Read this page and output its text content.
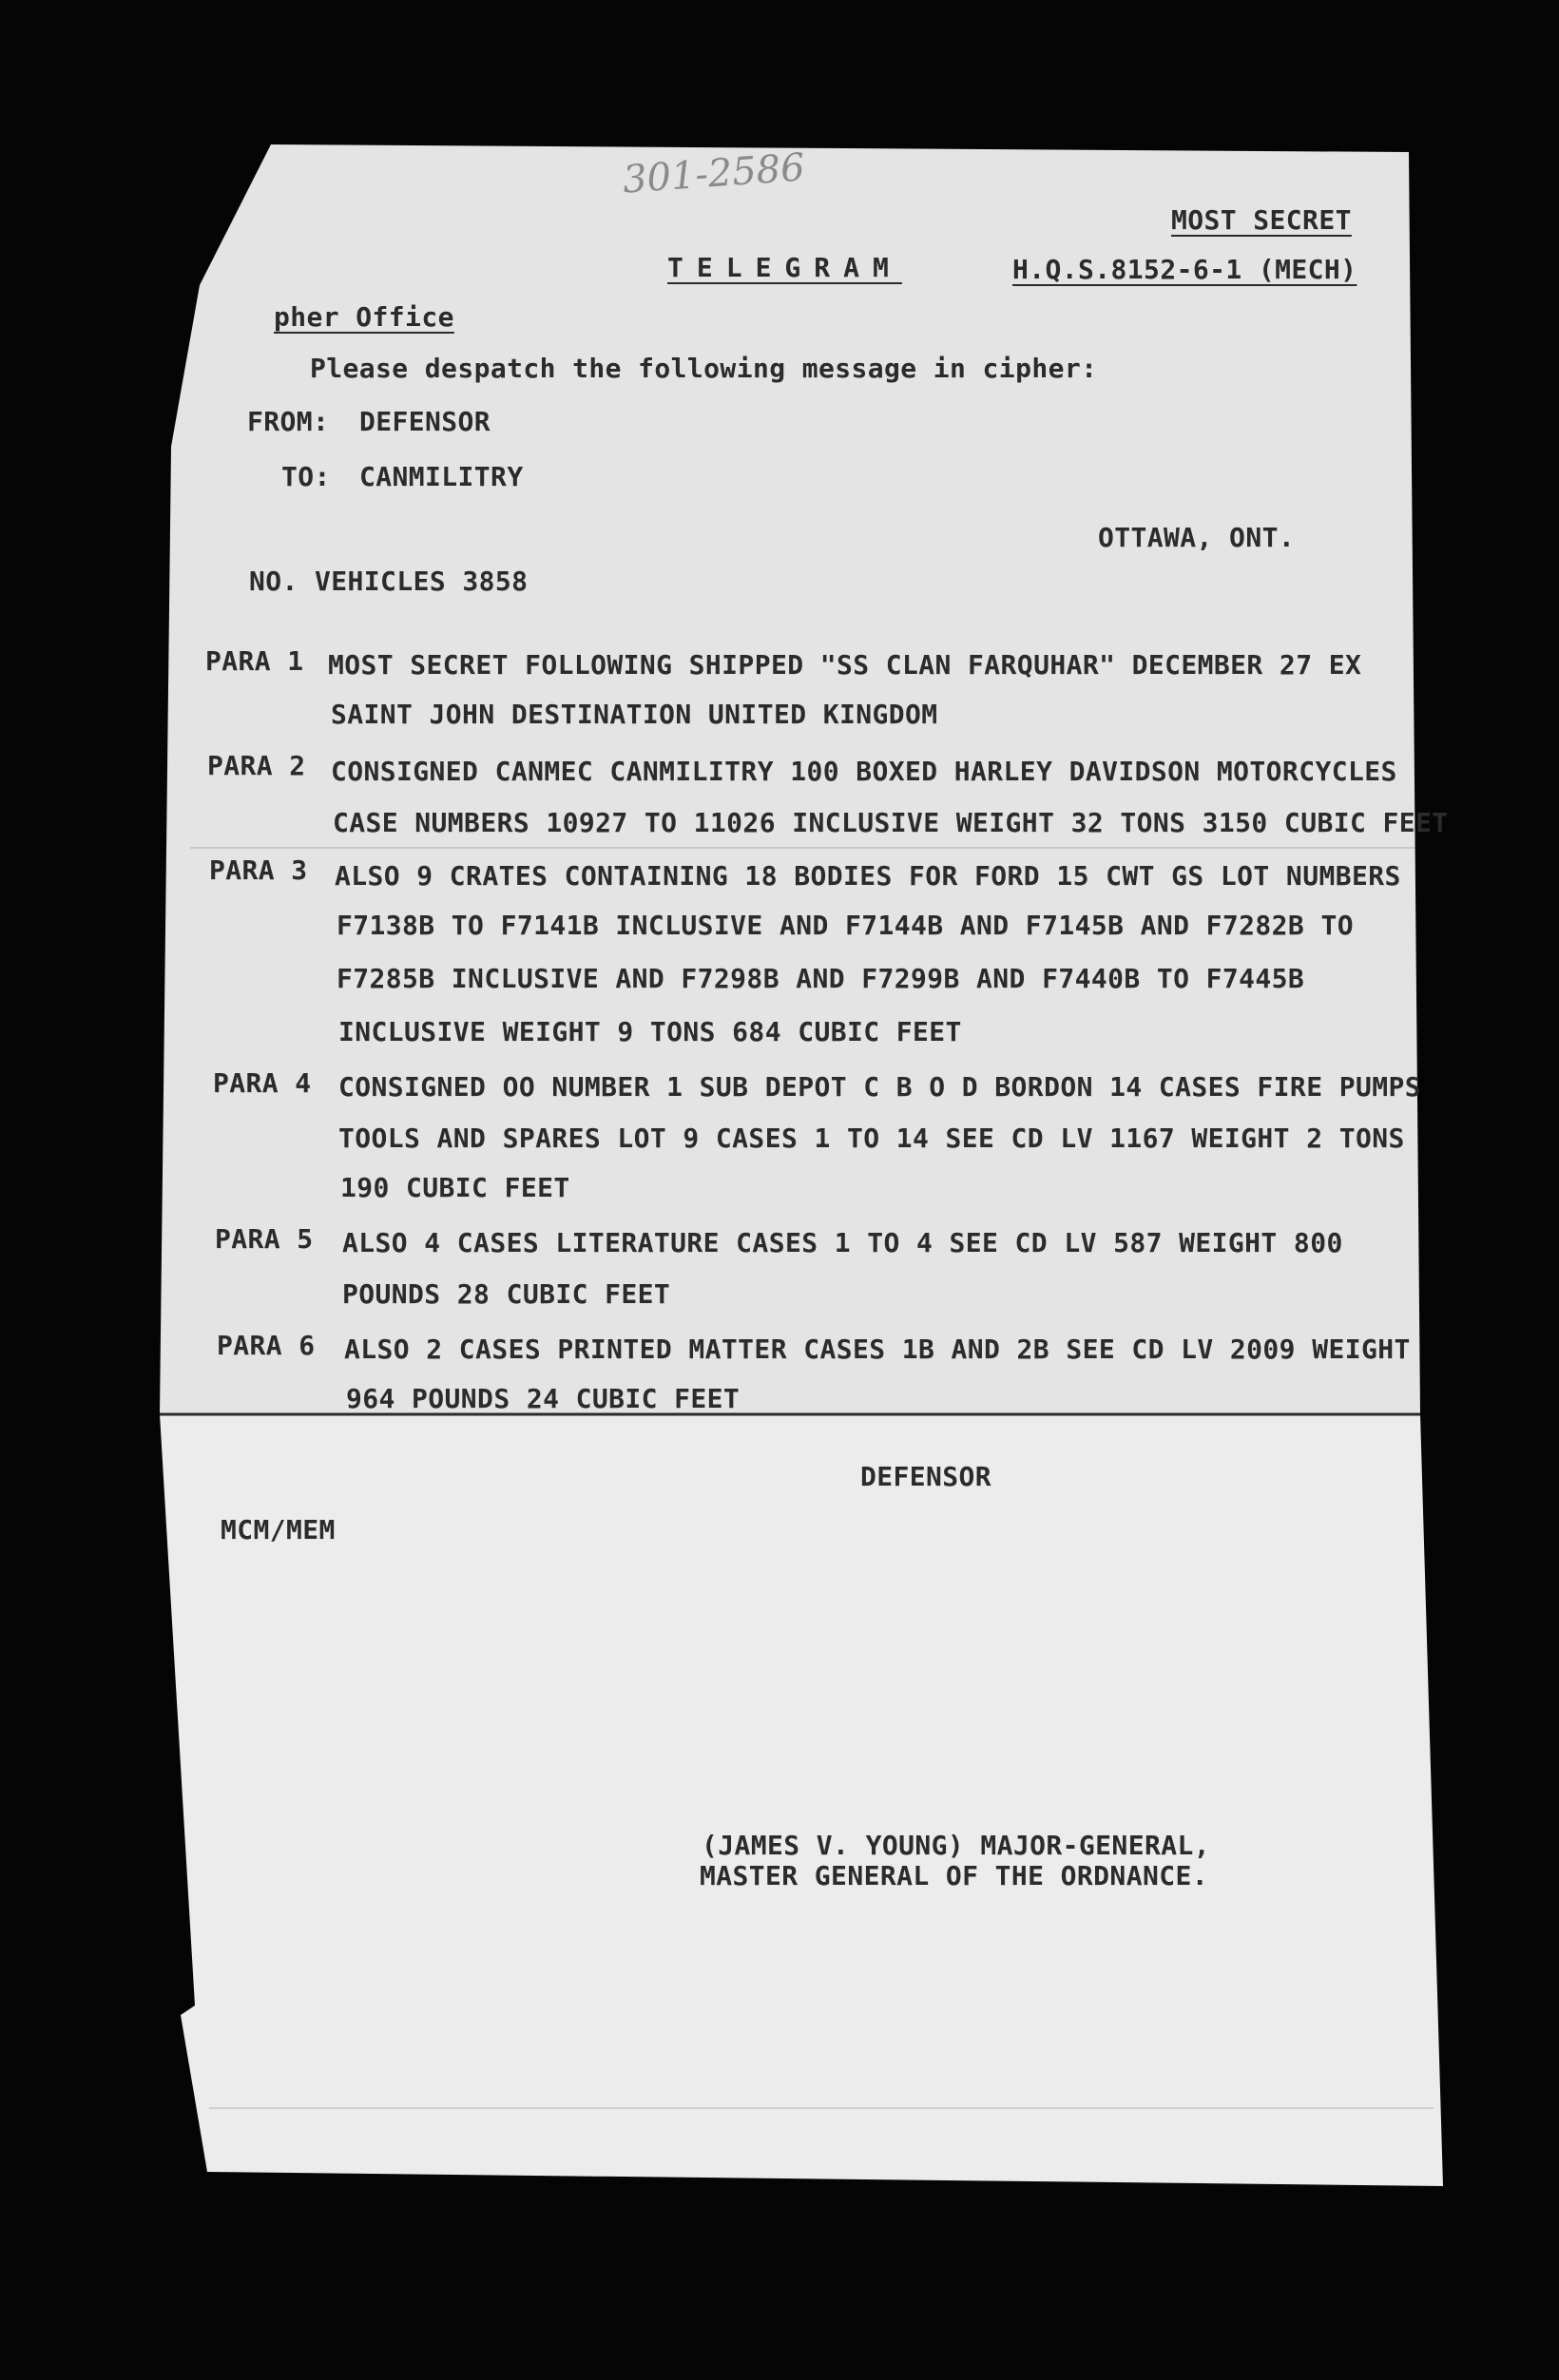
301-2586

MOST SECRET

TELEGRAM	H.Q.S.8152-6-1 (MECH)

pher Office

Please despatch the following message in cipher:

FROM: DEFENSOR

TO: CANMILITRY

OTTAWA, ONT.

NO. VEHICLES 3858

PARA 1 MOST SECRET FOLLOWING SHIPPED "SS CLAN FARQUHAR" DECEMBER 27 EX

SAINT JOHN DESTINATION UNITED KINGDOM

PARA 2 CONSIGNED CANMEC CANMILITRY 100 BOXED HARLEY DAVIDSON MOTORCYCLES

CASE NUMBERS 10927 TO 11026 INCLUSIVE WEIGHT 32 TONS 3150 CUBIC FEET

PARA 3 ALSO 9 CRATES CONTAINING 18 BODIES FOR FORD 15 CWT GS LOT NUMBERS

F7138B TO F7141B INCLUSIVE AND F7144B AND F7145B AND F7282B TO

F7285B INCLUSIVE AND F7298B AND F7299B AND F7440B TO F7445B

INCLUSIVE WEIGHT 9 TONS 684 CUBIC FEET

PARA 4 CONSIGNED OO NUMBER 1 SUB DEPOT C B O D BORDON 14 CASES FIRE PUMPS

TOOLS AND SPARES LOT 9 CASES 1 TO 14 SEE CD LV 1167 WEIGHT 2 TONS

190 CUBIC FEET

PARA 5 ALSO 4 CASES LITERATURE CASES 1 TO 4 SEE CD LV 587 WEIGHT 800

POUNDS 28 CUBIC FEET

PARA 6 ALSO 2 CASES PRINTED MATTER CASES 1B AND 2B SEE CD LV 2009 WEIGHT

964 POUNDS 24 CUBIC FEET

DEFENSOR

MCM/MEM

(JAMES V. YOUNG) MAJOR-GENERAL,

MASTER GENERAL OF THE ORDNANCE.
